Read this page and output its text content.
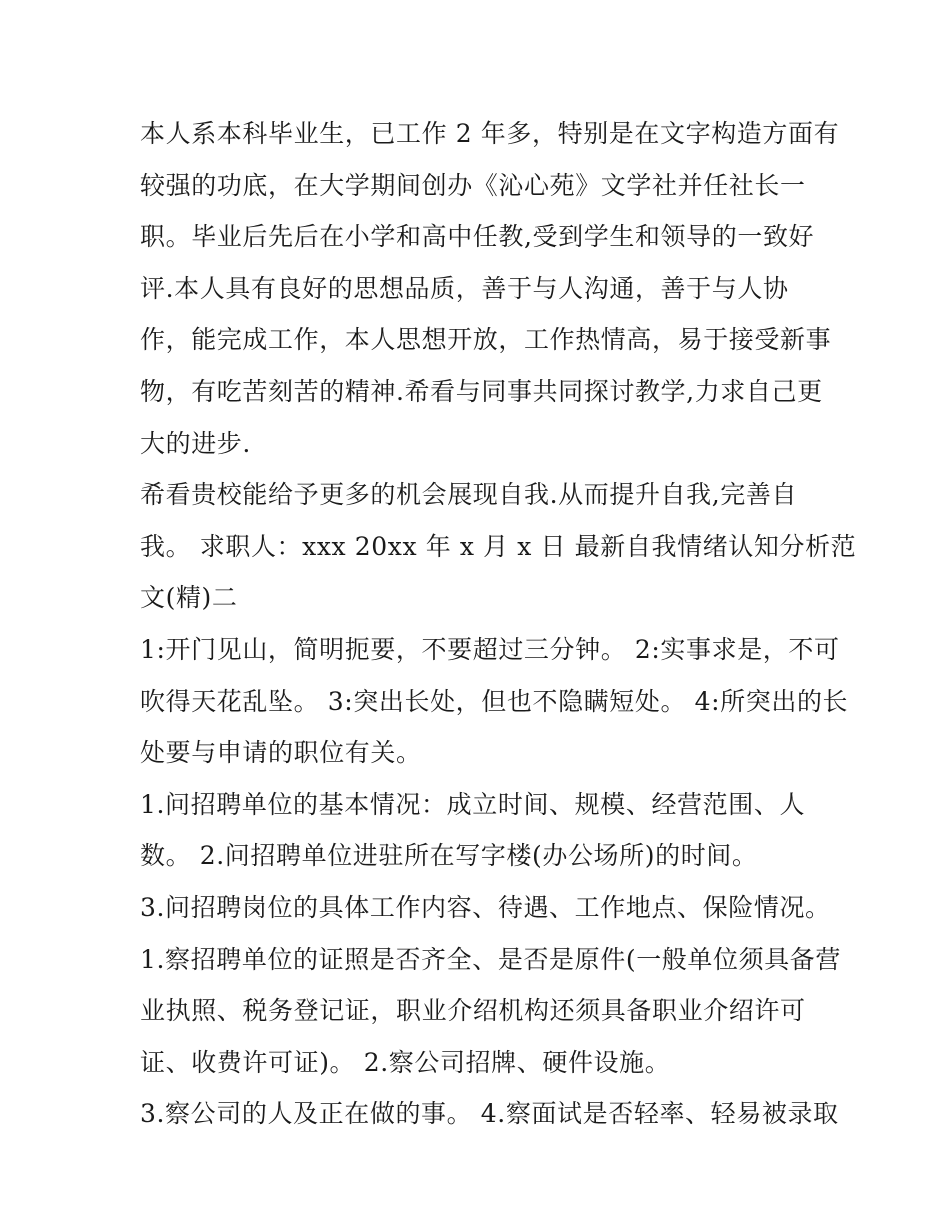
本人系本科毕业生，已工作 2 年多，特别是在文字构造方面有
较强的功底，在大学期间创办《沁心苑》文学社并任社长一
职。毕业后先后在小学和高中任教,受到学生和领导的一致好
评.本人具有良好的思想品质，善于与人沟通，善于与人协
作，能完成工作，本人思想开放，工作热情高，易于接受新事
物，有吃苦刻苦的精神.希看与同事共同探讨教学,力求自己更
大的进步.
希看贵校能给予更多的机会展现自我.从而提升自我,完善自
我。 求职人：xxx 20xx 年 x 月 x 日 最新自我情绪认知分析范
文(精)二
1:开门见山，简明扼要，不要超过三分钟。 2:实事求是，不可
吹得天花乱坠。 3:突出长处，但也不隐瞒短处。 4:所突出的长
处要与申请的职位有关。
1.问招聘单位的基本情况：成立时间、规模、经营范围、人
数。 2.问招聘单位进驻所在写字楼(办公场所)的时间。
3.问招聘岗位的具体工作内容、待遇、工作地点、保险情况。
1.察招聘单位的证照是否齐全、是否是原件(一般单位须具备营
业执照、税务登记证，职业介绍机构还须具备职业介绍许可
证、收费许可证)。 2.察公司招牌、硬件设施。
3.察公司的人及正在做的事。 4.察面试是否轻率、轻易被录取
